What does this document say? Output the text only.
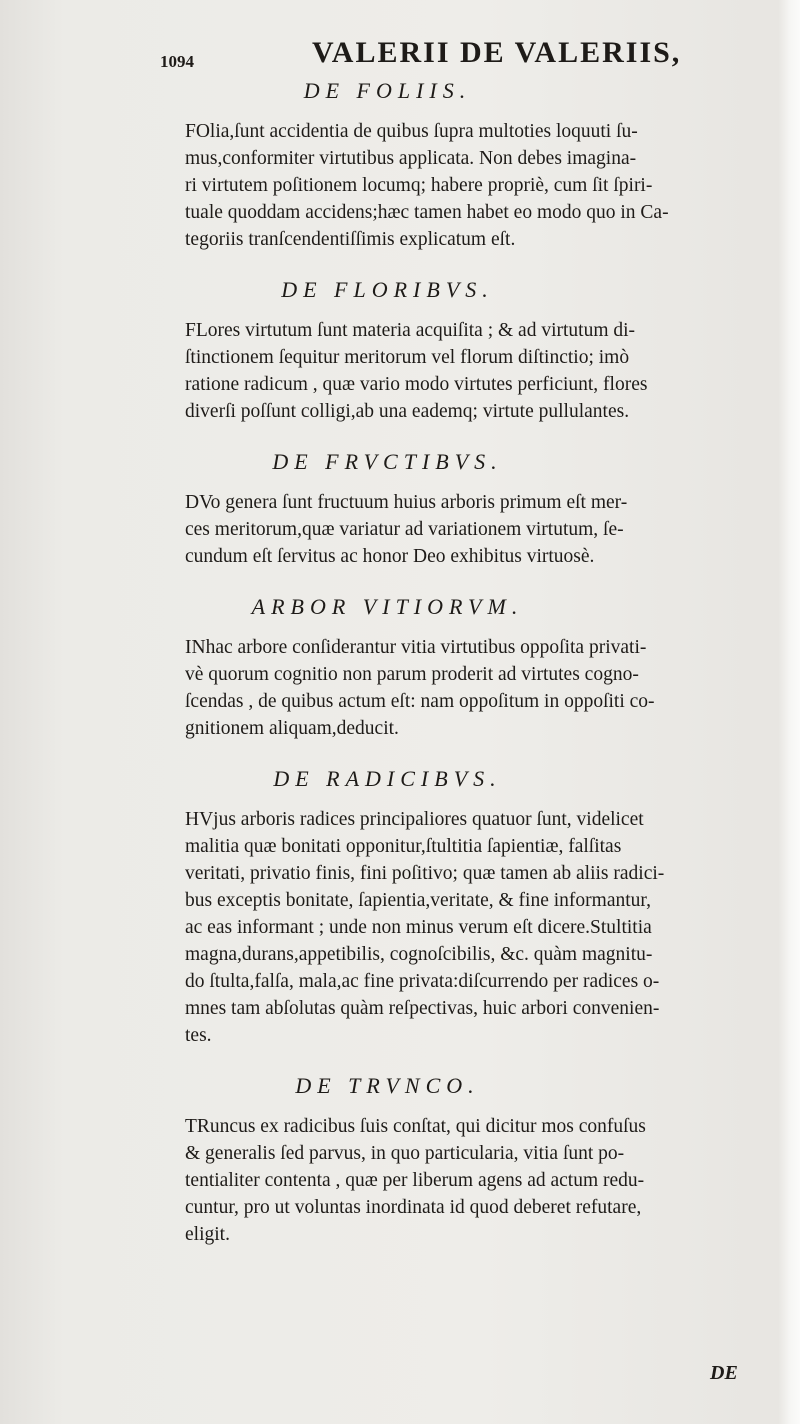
1094	VALERII DE VALERIIS,
DE FOLIIS.
FOlia,ſunt accidentia de quibus ſupra multoties loquuti ſu-
mus,conformiter virtutibus applicata. Non debes imagina-
ri virtutem poſitionem locumq; habere propriè, cum ſit ſpiri-
tuale quoddam accidens;hæc tamen habet eo modo quo in Ca-
tegoriis tranſcendentiſſimis explicatum eſt.
DE FLORIBVS.
FLores virtutum ſunt materia acquiſita ; & ad virtutum di-
ſtinctionem ſequitur meritorum vel florum diſtinctio; imò
ratione radicum , quæ vario modo virtutes perficiunt, flores
diverſi poſſunt colligi,ab una eademq; virtute pullulantes.
DE FRVCTIBVS.
DVo genera ſunt fructuum huius arboris primum eſt mer-
ces meritorum,quæ variatur ad variationem virtutum, ſe-
cundum eſt ſervitus ac honor Deo exhibitus virtuosè.
ARBOR VITIORVM.
INhac arbore conſiderantur vitia virtutibus oppoſita privati-
vè quorum cognitio non parum proderit ad virtutes cogno-
ſcendas , de quibus actum eſt: nam oppoſitum in oppoſiti co-
gnitionem aliquam,deducit.
DE RADICIBVS.
HVjus arboris radices principaliores quatuor ſunt, videlicet
malitia quæ bonitati opponitur,ſtultitia ſapientiæ, falſitas
veritati, privatio finis, fini poſitivo; quæ tamen ab aliis radici-
bus exceptis bonitate, ſapientia,veritate, & fine informantur,
ac eas informant ; unde non minus verum eſt dicere.Stultitia
magna,durans,appetibilis, cognoſcibilis, &c. quàm magnitu-
do ſtulta,falſa, mala,ac fine privata:diſcurrendo per radices o-
mnes tam abſolutas quàm reſpectivas, huic arbori convenien-
tes.
DE TRVNCO.
TRuncus ex radicibus ſuis conſtat, qui dicitur mos confuſus
& generalis ſed parvus, in quo particularia, vitia ſunt po-
tentialiter contenta , quæ per liberum agens ad actum redu-
cuntur, pro ut voluntas inordinata id quod deberet refutare,
eligit.
DE
